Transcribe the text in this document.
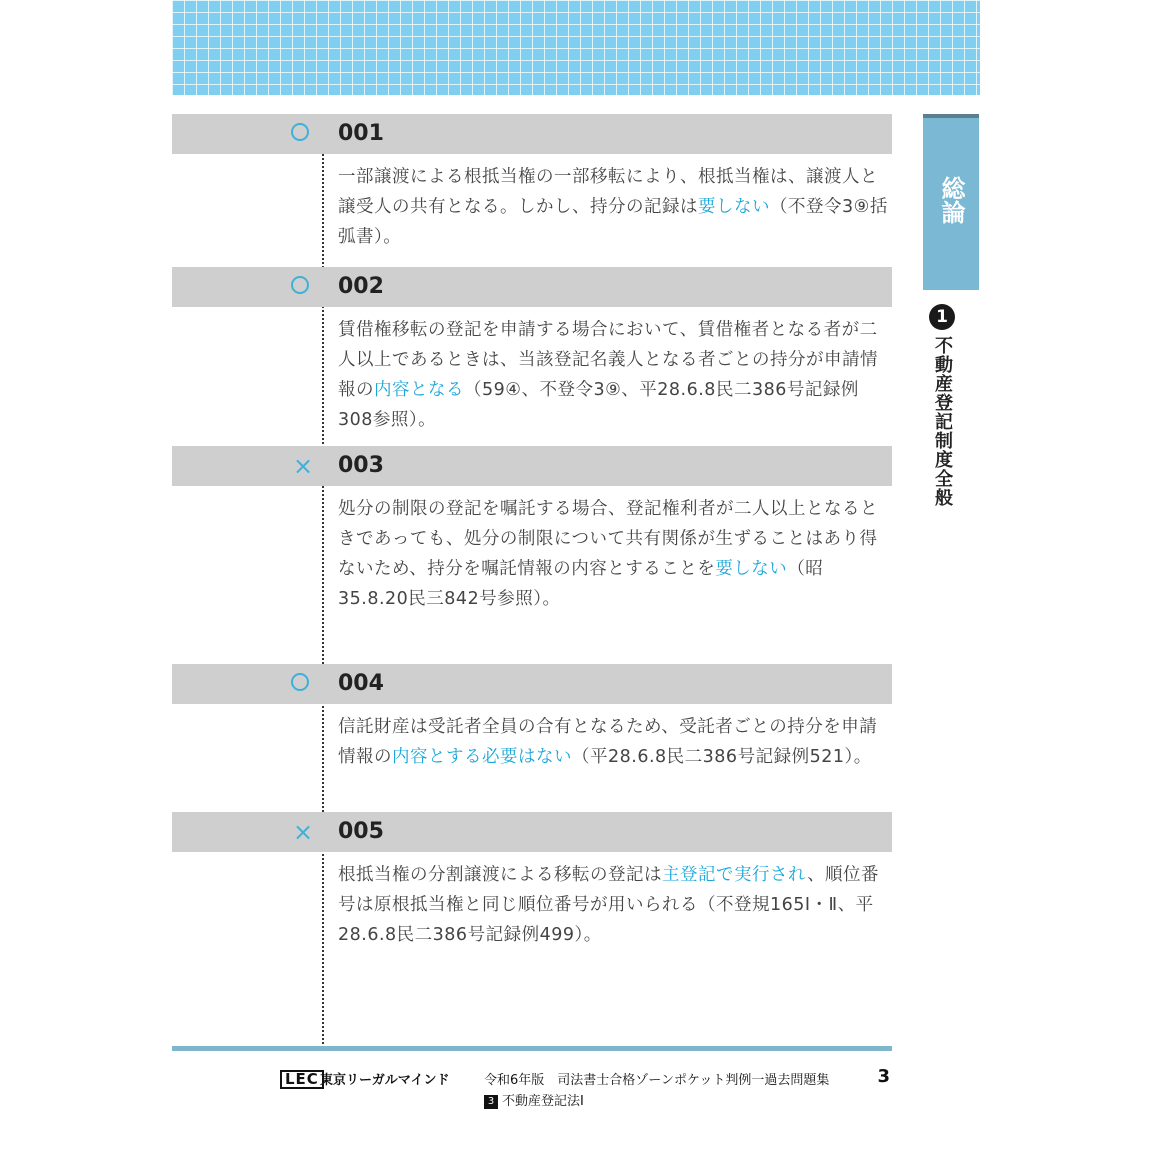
001
一部譲渡による根抵当権の一部移転により、根抵当権は、譲渡人と譲受人の共有となる。しかし、持分の記録は要しない（不登令3⑨括弧書）。
002
賃借権移転の登記を申請する場合において、賃借権者となる者が二人以上であるときは、当該登記名義人となる者ごとの持分が申請情報の内容となる（59④、不登令3⑨、平28.6.8民二386号記録例308参照）。
× 003
処分の制限の登記を嘱託する場合、登記権利者が二人以上となるときであっても、処分の制限について共有関係が生ずることはあり得ないため、持分を嘱託情報の内容とすることを要しない（昭35.8.20民三842号参照）。
004
信託財産は受託者全員の合有となるため、受託者ごとの持分を申請情報の内容とする必要はない（平28.6.8民二386号記録例521）。
× 005
根抵当権の分割譲渡による移転の登記は主登記で実行され、順位番号は原根抵当権と同じ順位番号が用いられる（不登規165Ⅰ・Ⅱ、平28.6.8民二386号記録例499）。
総論
1
不動産登記制度全般
LEC 東京リーガルマインド	令和6年版　司法書士合格ゾーンポケット判例一過去問題集	3
3 不動産登記法Ⅰ
